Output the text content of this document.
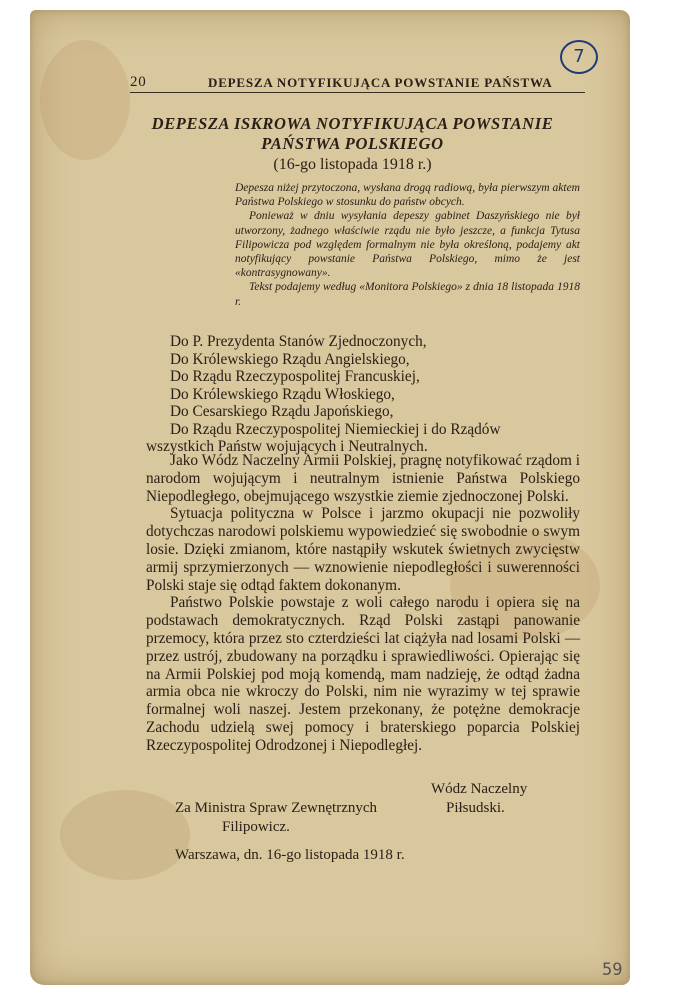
7
20	DEPESZA NOTYFIKUJĄCA POWSTANIE PAŃSTWA
DEPESZA ISKROWA NOTYFIKUJĄCA POWSTANIE
PAŃSTWA POLSKIEGO
(16-go listopada 1918 r.)

Depesza niżej przytoczona, wysłana drogą radiową, była pierwszym aktem Państwa Polskiego w stosunku do państw obcych.

Ponieważ w dniu wysyłania depeszy gabinet Daszyńskiego nie był utworzony, żadnego właściwie rządu nie było jeszcze, a funkcja Tytusa Filipowicza pod względem formalnym nie była określoną, podajemy akt notyfikujący powstanie Państwa Polskiego, mimo że jest «kontrasygnowany».

Tekst podajemy według «Monitora Polskiego» z dnia 18 listopada 1918 r.

Do P. Prezydenta Stanów Zjednoczonych,
Do Królewskiego Rządu Angielskiego,
Do Rządu Rzeczypospolitej Francuskiej,
Do Królewskiego Rządu Włoskiego,
Do Cesarskiego Rządu Japońskiego,
Do Rządu Rzeczypospolitej Niemieckiej i do Rządów
wszystkich Państw wojujących i Neutralnych.

Jako Wódz Naczelny Armii Polskiej, pragnę notyfikować rządom i narodom wojującym i neutralnym istnienie Państwa Polskiego Niepodległego, obejmującego wszystkie ziemie zjednoczonej Polski.

Sytuacja polityczna w Polsce i jarzmo okupacji nie pozwoliły dotychczas narodowi polskiemu wypowiedzieć się swobodnie o swym losie. Dzięki zmianom, które nastąpiły wskutek świetnych zwycięstw armij sprzymierzonych — wznowienie niepodległości i suwerenności Polski staje się odtąd faktem dokonanym.

Państwo Polskie powstaje z woli całego narodu i opiera się na podstawach demokratycznych. Rząd Polski zastąpi panowanie przemocy, która przez sto czterdzieści lat ciążyła nad losami Polski — przez ustrój, zbudowany na porządku i sprawiedliwości. Opierając się na Armii Polskiej pod moją komendą, mam nadzieję, że odtąd żadna armia obca nie wkroczy do Polski, nim nie wyrazimy w tej sprawie formalnej woli naszej. Jestem przekonany, że potężne demokracje Zachodu udzielą swej pomocy i braterskiego poparcia Polskiej Rzeczypospolitej Odrodzonej i Niepodległej.

Wódz Naczelny
Piłsudski.
Za Ministra Spraw Zewnętrznych
Filipowicz.
Warszawa, dn. 16-go listopada 1918 r.
59
